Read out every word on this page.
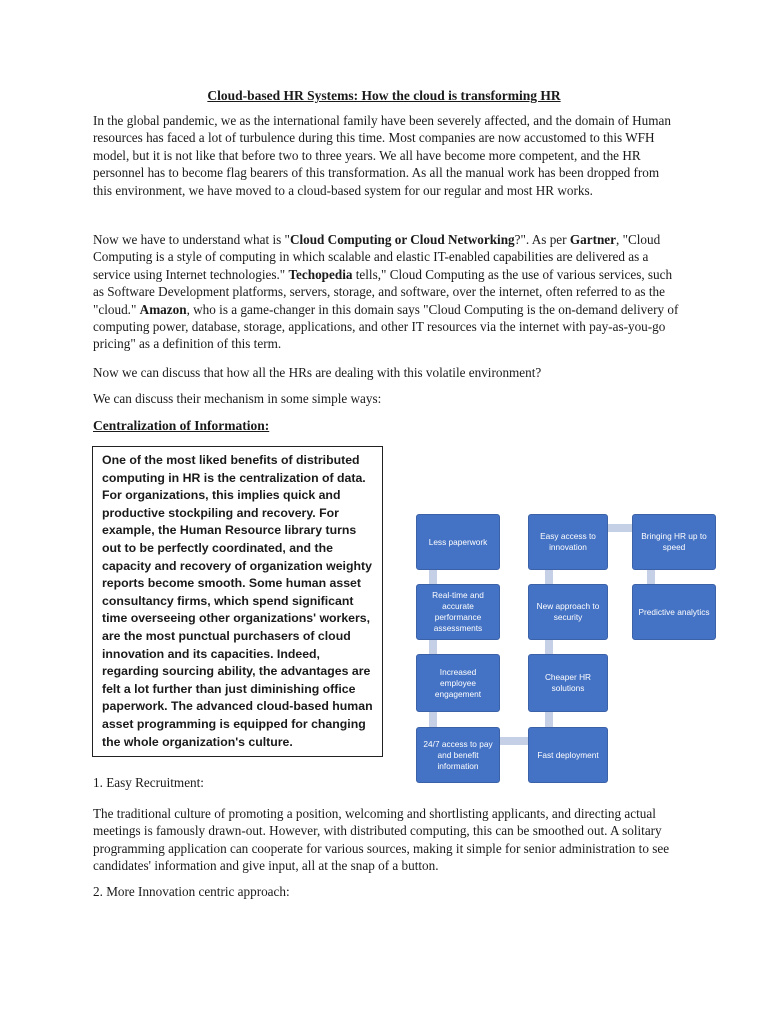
Cloud-based HR Systems: How the cloud is transforming HR

In the global pandemic, we as the international family have been severely affected, and the domain of Human resources has faced a lot of turbulence during this time. Most companies are now accustomed to this WFH model, but it is not like that before two to three years. We all have become more competent, and the HR personnel has to become flag bearers of this transformation. As all the manual work has been dropped from this environment, we have moved to a cloud-based system for our regular and most HR works.

Now we have to understand what is "Cloud Computing or Cloud Networking?". As per Gartner, "Cloud Computing is a style of computing in which scalable and elastic IT-enabled capabilities are delivered as a service using Internet technologies." Techopedia tells," Cloud Computing as the use of various services, such as Software Development platforms, servers, storage, and software, over the internet, often referred to as the "cloud." Amazon, who is a game-changer in this domain says "Cloud Computing is the on-demand delivery of computing power, database, storage, applications, and other IT resources via the internet with pay-as-you-go pricing" as a definition of this term.

Now we can discuss that how all the HRs are dealing with this volatile environment?

We can discuss their mechanism in some simple ways:

Centralization of Information:
One of the most liked benefits of distributed computing in HR is the centralization of data. For organizations, this implies quick and productive stockpiling and recovery. For example, the Human Resource library turns out to be perfectly coordinated, and the capacity and recovery of organization weighty reports become smooth. Some human asset consultancy firms, which spend significant time overseeing other organizations' workers, are the most punctual purchasers of cloud innovation and its capacities. Indeed, regarding sourcing ability, the advantages are felt a lot further than just diminishing office paperwork. The advanced cloud-based human asset programming is equipped for changing the whole organization's culture.
Less paperwork
Real-time and accurate performance assessments
Increased employee engagement
24/7 access to pay and benefit information
Easy access to innovation
New approach to security
Cheaper HR solutions
Fast deployment
Bringing HR up to speed
Predictive analytics
1. Easy Recruitment:

The traditional culture of promoting a position, welcoming and shortlisting applicants, and directing actual meetings is famously drawn-out. However, with distributed computing, this can be smoothed out. A solitary programming application can cooperate for various sources, making it simple for senior administration to see candidates' information and give input, all at the snap of a button.

2. More Innovation centric approach:
